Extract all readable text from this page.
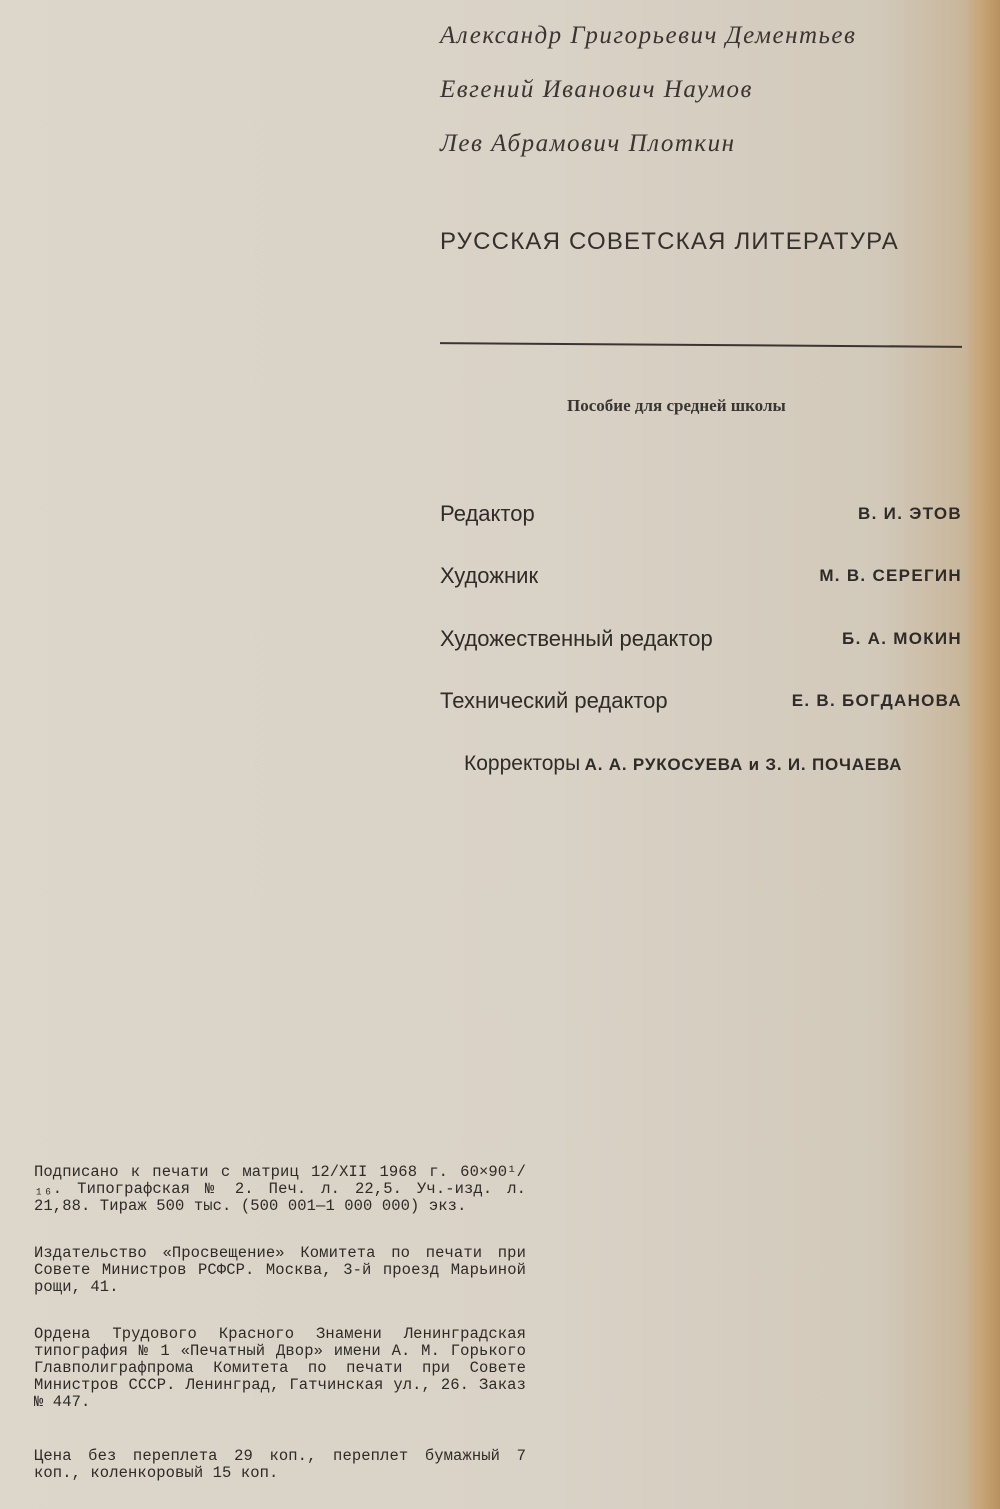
Александр Григорьевич Дементьев
Евгений Иванович Наумов
Лев Абрамович Плоткин
РУССКАЯ СОВЕТСКАЯ ЛИТЕРАТУРА
Пособие для средней школы
Редактор	В. И. ЭТОВ
Художник	М. В. СЕРЕГИН
Художественный редактор	Б. А. МОКИН
Технический редактор	Е. В. БОГДАНОВА
Корректоры А. А. РУКОСУЕВА и З. И. ПОЧАЕВА

Подписано к печати с матриц 12/XII 1968 г. 60×90¹/₁₆. Типографская № 2. Печ. л. 22,5. Уч.-изд. л. 21,88. Тираж 500 тыс. (500 001—1 000 000) экз.

Издательство «Просвещение» Комитета по печати при Совете Министров РСФСР. Москва, 3-й проезд Марьиной рощи, 41.

Ордена Трудового Красного Знамени Ленинградская типография № 1 «Печатный Двор» имени А. М. Горького Главполиграфпрома Комитета по печати при Совете Министров СССР. Ленинград, Гатчинская ул., 26. Заказ № 447.

Цена без переплета 29 коп., переплет бумажный 7 коп., коленкоровый 15 коп.
